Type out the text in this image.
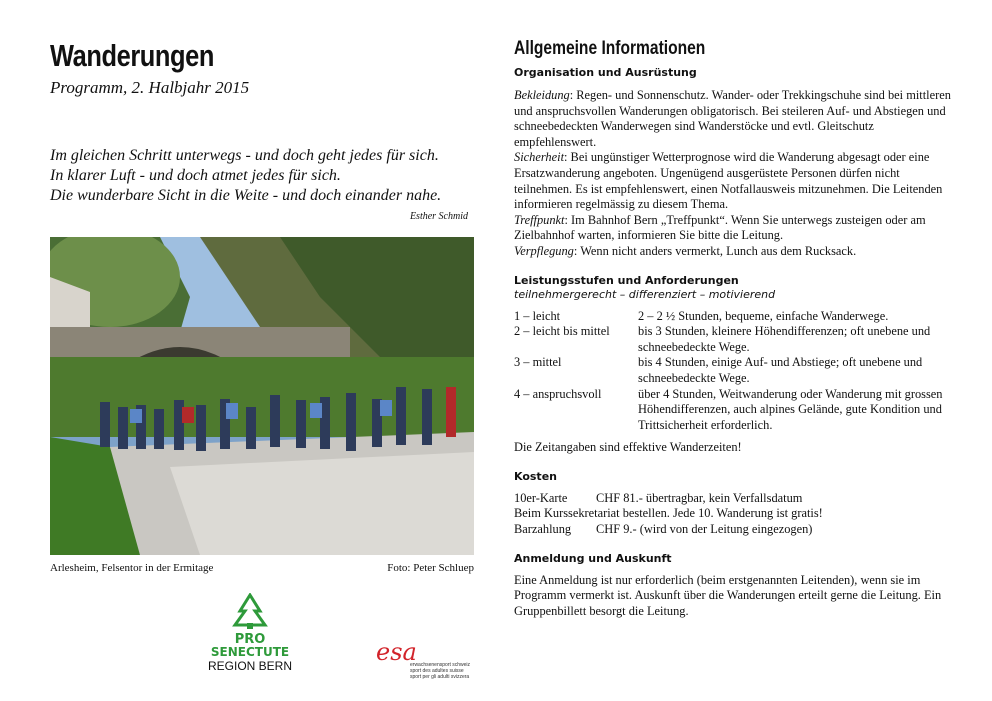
Wanderungen
Programm, 2. Halbjahr 2015
Im gleichen Schritt unterwegs - und doch geht jedes für sich.
In klarer Luft - und doch atmet jedes für sich.
Die wunderbare Sicht in die Weite - und doch einander nahe.
Esther Schmid
Arlesheim, Felsentor in der Ermitage	Foto: Peter Schluep
PRO
SENECTUTE
REGION BERN	esa
erwachsenensport schweiz
sport des adultes suisse
sport per gli adulti svizzera
Allgemeine Informationen
Organisation und Ausrüstung

Bekleidung: Regen- und Sonnenschutz. Wander- oder Trekkingschuhe sind bei mittleren und anspruchsvollen Wanderungen obligatorisch. Bei steileren Auf- und Abstiegen und schneebedeckten Wanderwegen sind Wanderstöcke und evtl. Gleitschutz empfehlenswert.

Sicherheit: Bei ungünstiger Wetterprognose wird die Wanderung abgesagt oder eine Ersatzwanderung angeboten. Ungenügend ausgerüstete Personen dürfen nicht teilnehmen. Es ist empfehlenswert, einen Notfallausweis mitzunehmen. Die Leitenden informieren regelmässig zu diesem Thema.

Treffpunkt: Im Bahnhof Bern „Treffpunkt“. Wenn Sie unterwegs zusteigen oder am Zielbahnhof warten, informieren Sie bitte die Leitung.

Verpflegung: Wenn nicht anders vermerkt, Lunch aus dem Rucksack.

Leistungsstufen und Anforderungen
teilnehmergerecht – differenziert – motivierend
1 – leicht	2 – 2 ½ Stunden, bequeme, einfache Wanderwege.
2 – leicht bis mittel	bis 3 Stunden, kleinere Höhendifferenzen; oft unebene und schneebedeckte Wege.
3 – mittel	bis 4 Stunden, einige Auf- und Abstiege; oft unebene und schneebedeckte Wege.
4 – anspruchsvoll	über 4 Stunden, Weitwanderung oder Wanderung mit grossen Höhendifferenzen, auch alpines Gelände, gute Kondition und Trittsicherheit erforderlich.

Die Zeitangaben sind effektive Wanderzeiten!

Kosten
10er-Karte	CHF 81.- übertragbar, kein Verfallsdatum
Beim Kurssekretariat bestellen. Jede 10. Wanderung ist gratis!
Barzahlung	CHF 9.- (wird von der Leitung eingezogen)
Anmeldung und Auskunft

Eine Anmeldung ist nur erforderlich (beim erstgenannten Leitenden), wenn sie im Programm vermerkt ist. Auskunft über die Wanderungen erteilt gerne die Leitung. Ein Gruppenbillett besorgt die Leitung.
